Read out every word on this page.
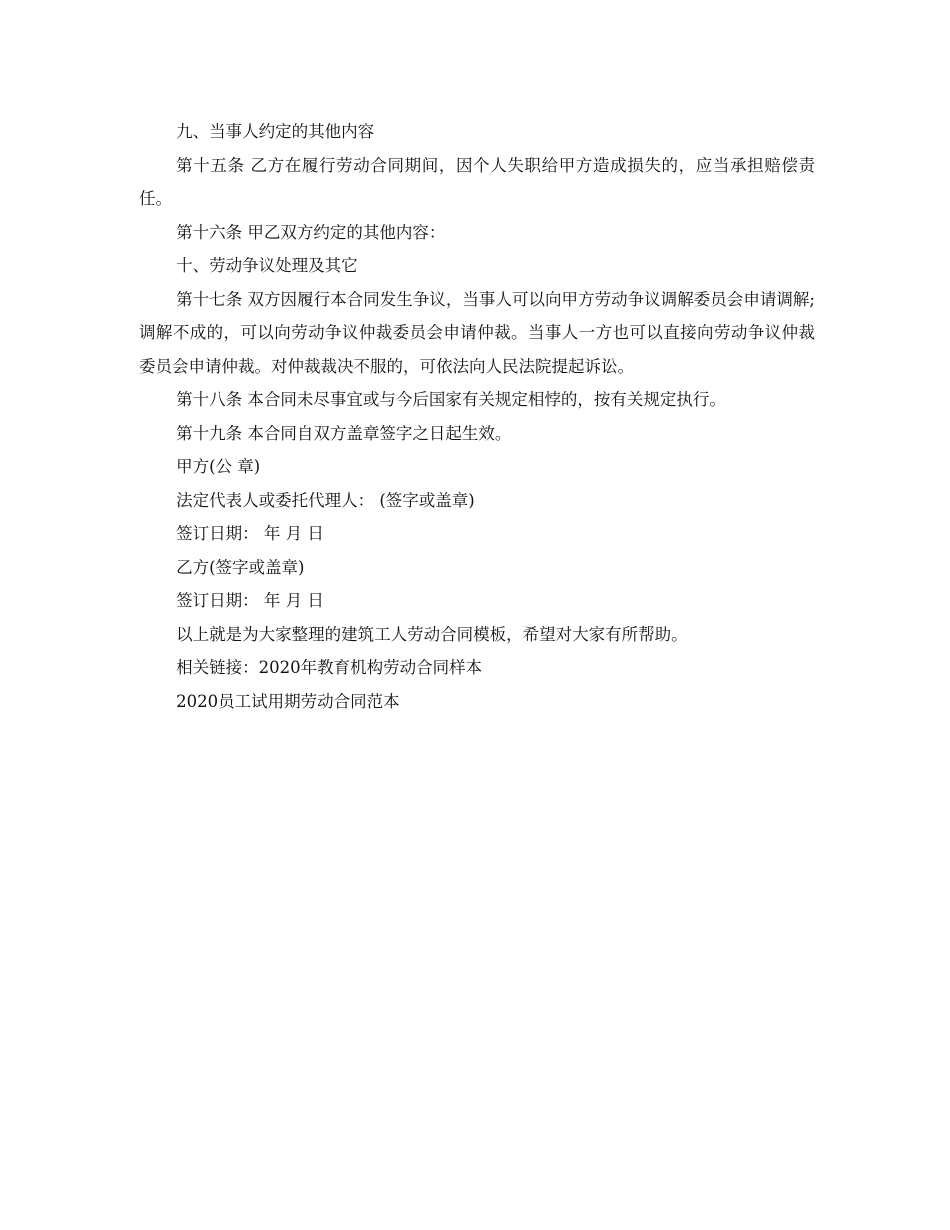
九、当事人约定的其他内容

第十五条 乙方在履行劳动合同期间，因个人失职给甲方造成损失的，应当承担赔偿责任。

第十六条 甲乙双方约定的其他内容：

十、劳动争议处理及其它

第十七条 双方因履行本合同发生争议，当事人可以向甲方劳动争议调解委员会申请调解;调解不成的，可以向劳动争议仲裁委员会申请仲裁。当事人一方也可以直接向劳动争议仲裁委员会申请仲裁。对仲裁裁决不服的，可依法向人民法院提起诉讼。

第十八条 本合同未尽事宜或与今后国家有关规定相悖的，按有关规定执行。

第十九条 本合同自双方盖章签字之日起生效。

甲方(公 章)

法定代表人或委托代理人： (签字或盖章)

签订日期： 年 月 日

乙方(签字或盖章)

签订日期： 年 月 日

以上就是为大家整理的建筑工人劳动合同模板，希望对大家有所帮助。

相关链接：2020年教育机构劳动合同样本

2020员工试用期劳动合同范本
